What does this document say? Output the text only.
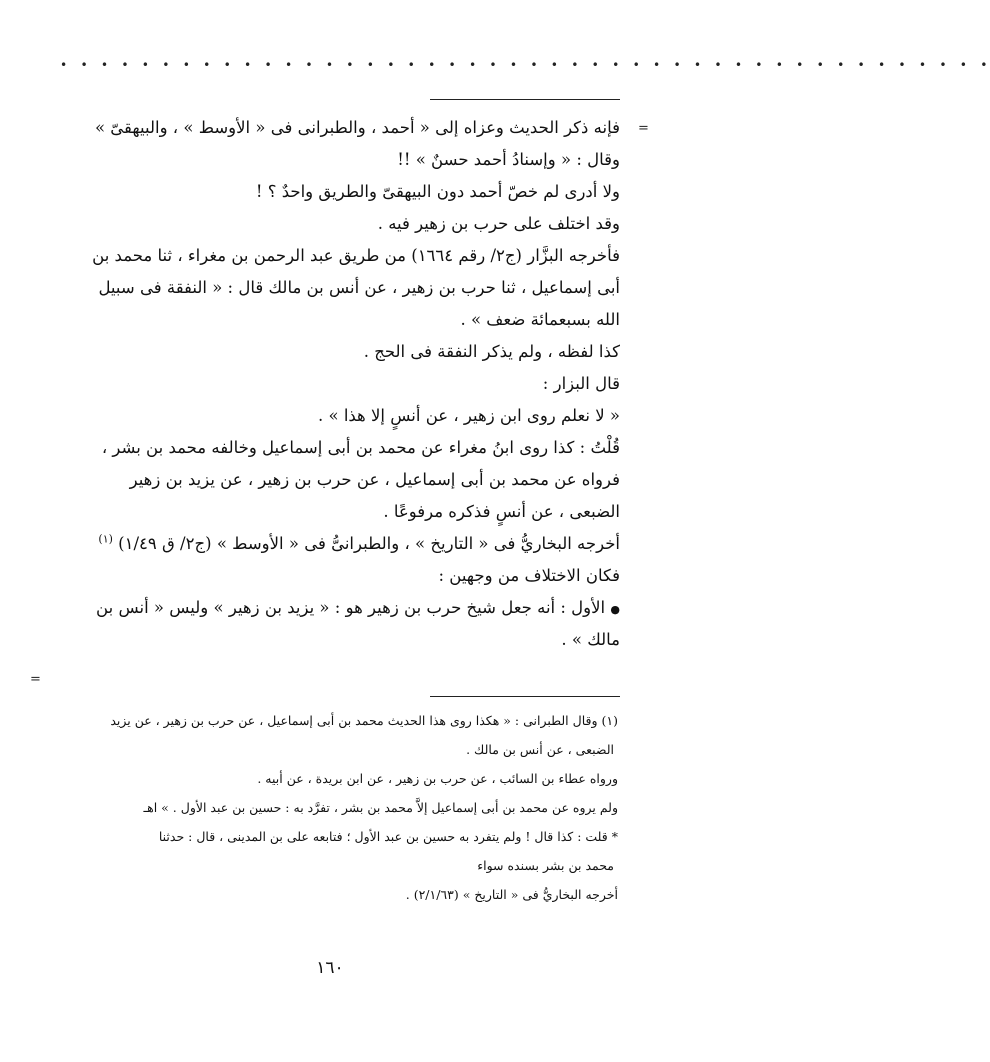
• • • • • • • • • • • • • • • • • • • • • • • • • • • • • • • • • • • • • • • • • • • • • •
=
=
فإنه ذكر الحديث وعزاه إلى « أحمد ، والطبرانى فى « الأوسط » ، والبيهقىّ »
وقال : « وإسنادُ أحمد حسنٌ » !!
ولا أدرى لم خصّ أحمد دون البيهقىّ والطريق واحدٌ ؟ !
وقد اختلف على حرب بن زهير فيه .
فأخرجه البزَّار (ج٢/ رقم ١٦٦٤) من طريق عبد الرحمن بن مغراء ، ثنا محمد بن
أبى إسماعيل ، ثنا حرب بن زهير ، عن أنس بن مالك قال : « النفقة فى سبيل
الله بسبعمائة ضعف » .
كذا لفظه ، ولم يذكر النفقة فى الحج .
قال البزار :
« لا نعلم روى ابن زهير ، عن أنسٍ إلا هذا » .
قُلْتُ : كذا روى ابنُ مغراء عن محمد بن أبى إسماعيل وخالفه محمد بن بشر ،
فرواه عن محمد بن أبى إسماعيل ، عن حرب بن زهير ، عن يزيد بن زهير
الضبعى ، عن أنسٍ فذكره مرفوعًا .
أخرجه البخاريُّ فى « التاريخ » ، والطبرانىُّ فى « الأوسط » (ج٢/ ق ١/٤٩) $^{(١)}$
فكان الاختلاف من وجهين :
● الأول : أنه جعل شيخ حرب بن زهير هو : « يزيد بن زهير » وليس « أنس بن
مالك » .
(١) وقال الطبرانى : « هكذا روى هذا الحديث محمد بن أبى إسماعيل ، عن حرب بن زهير ، عن يزيد
الضبعى ، عن أنس بن مالك .
ورواه عطاء بن السائب ، عن حرب بن زهير ، عن ابن بريدة ، عن أبيه .
ولم يروه عن محمد بن أبى إسماعيل إلاَّ محمد بن بشر ، تفرَّد به : حسين بن عبد الأول . » اهـ
* قلت : كذا قال ! ولم يتفرد به حسين بن عبد الأول ؛ فتابعه على بن المدينى ، قال : حدثنا
محمد بن بشر بسنده سواء
أخرجه البخاريُّ فى « التاريخ » (٢/١/٦٣) .
١٦٠
